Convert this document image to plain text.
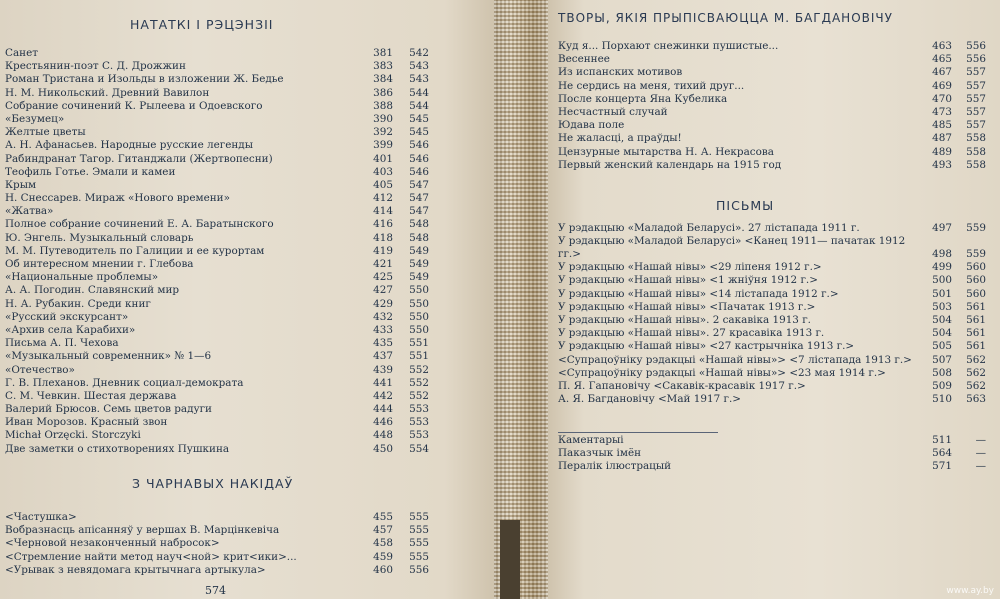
НАТАТКІ І РЭЦЭНЗІІ
Санет	381	542
Крестьянин-поэт С. Д. Дрожжин	383	543
Роман Тристана и Изольды в изложении Ж. Бедье	384	543
Н. М. Никольский. Древний Вавилон	386	544
Собрание сочинений К. Рылеева и Одоевского	388	544
«Безумец»	390	545
Желтые цветы	392	545
А. Н. Афанасьев. Народные русские легенды	399	546
Рабиндранат Тагор. Гитанджали (Жертвопесни)	401	546
Теофиль Готье. Эмали и камеи	403	546
Крым	405	547
Н. Снессарев. Мираж «Нового времени»	412	547
«Жатва»	414	547
Полное собрание сочинений Е. А. Баратынского	416	548
Ю. Энгель. Музыкальный словарь	418	548
М. М. Путеводитель по Галиции и ее курортам	419	549
Об интересном мнении г. Глебова	421	549
«Национальные проблемы»	425	549
А. А. Погодин. Славянский мир	427	550
Н. А. Рубакин. Среди книг	429	550
«Русский экскурсант»	432	550
«Архив села Карабихи»	433	550
Письма А. П. Чехова	435	551
«Музыкальный современник» № 1—6	437	551
«Отечество»	439	552
Г. В. Плеханов. Дневник социал-демократа	441	552
С. М. Чевкин. Шестая держава	442	552
Валерий Брюсов. Семь цветов радуги	444	553
Иван Морозов. Красный звон	446	553
Michał Orzęcki. Storczyki	448	553
Две заметки о стихотворениях Пушкина	450	554
З ЧАРНАВЫХ НАКІДАЎ
<Частушка>	455	555
Вобразнасць апісанняў у вершах В. Марцінкевіча	457	555
<Черновой незаконченный набросок>	458	555
<Стремление найти метод науч<ной> крит<ики>...	459	555
<Урывак з невядомага крытычнага артыкула>	460	556
574
ТВОРЫ, ЯКІЯ ПРЫПІСВАЮЦЦА М. БАГДАНОВІЧУ
Куд я... Порхают снежинки пушистые...	463	556
Весеннее	465	556
Из испанских мотивов	467	557
Не сердись на меня, тихий друг...	469	557
После концерта Яна Кубелика	470	557
Несчастный случай	473	557
Юдава поле	485	557
Не жаласці, а праўды!	487	558
Цензурные мытарства Н. А. Некрасова	489	558
Первый женский календарь на 1915 год	493	558
ПІСЬМЫ
У рэдакцыю «Маладой Беларусі». 27 лістапада 1911 г.	497	559
У рэдакцыю «Маладой Беларусі» <Канец 1911— пачатак 1912 гг.>	498	559
У рэдакцыю «Нашай нівы» <29 ліпеня 1912 г.>	499	560
У рэдакцыю «Нашай нівы» <1 жніўня 1912 г.>	500	560
У рэдакцыю «Нашай нівы» <14 лістапада 1912 г.>	501	560
У рэдакцыю «Нашай нівы» <Пачатак 1913 г.>	503	561
У рэдакцыю «Нашай нівы». 2 сакавіка 1913 г.	504	561
У рэдакцыю «Нашай нівы». 27 красавіка 1913 г.	504	561
У рэдакцыю «Нашай нівы» <27 кастрычніка 1913 г.>	505	561
<Супрацоўніку рэдакцыі «Нашай нівы»> <7 лістапада 1913 г.>	507	562
<Супрацоўніку рэдакцыі «Нашай нівы»> <23 мая 1914 г.>	508	562
П. Я. Гапановічу <Сакавік-красавік 1917 г.>	509	562
А. Я. Багдановічу <Май 1917 г.>	510	563
Каментарыі	511	—
Паказчык імён	564	—
Пералік ілюстрацый	571	—
www.ay.by
